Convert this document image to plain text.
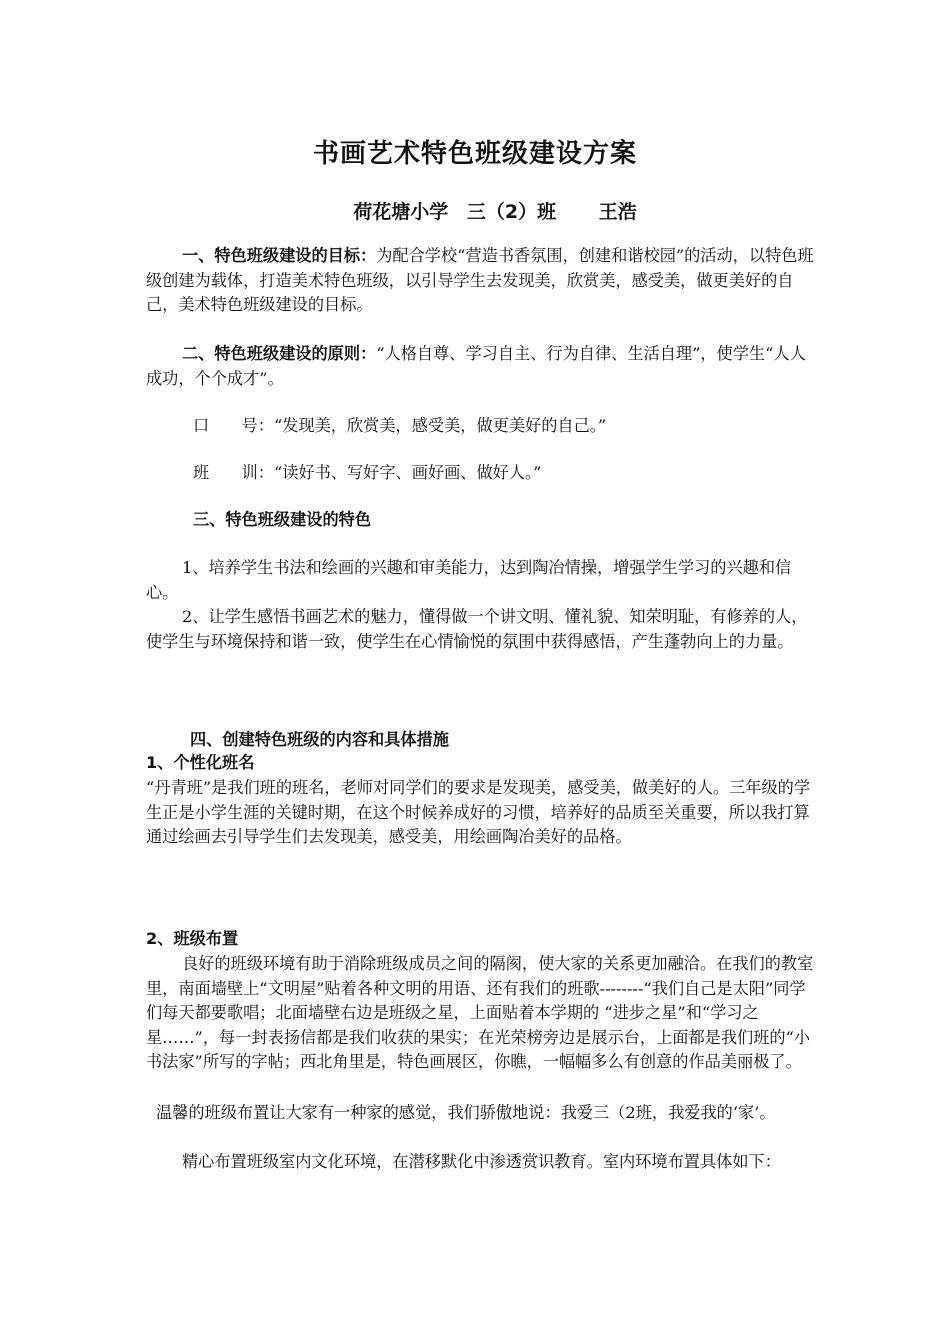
书画艺术特色班级建设方案
荷花塘小学 三（2）班 王浩
一、特色班级建设的目标：为配合学校“营造书香氛围，创建和谐校园”的活动，以特色班级创建为载体，打造美术特色班级，以引导学生去发现美，欣赏美，感受美，做更美好的自己，美术特色班级建设的目标。
二、特色班级建设的原则：“人格自尊、学习自主、行为自律、生活自理”，使学生“人人成功，个个成才”。
口　　号：“发现美，欣赏美，感受美，做更美好的自己。”
班　　训：“读好书、写好字、画好画、做好人。”
三、特色班级建设的特色
1、培养学生书法和绘画的兴趣和审美能力，达到陶冶情操，增强学生学习的兴趣和信心。
2、让学生感悟书画艺术的魅力，懂得做一个讲文明、懂礼貌、知荣明耻，有修养的人，使学生与环境保持和谐一致，使学生在心情愉悦的氛围中获得感悟，产生蓬勃向上的力量。
四、创建特色班级的内容和具体措施
1、个性化班名
“丹青班”是我们班的班名，老师对同学们的要求是发现美，感受美，做美好的人。三年级的学生正是小学生涯的关键时期，在这个时候养成好的习惯，培养好的品质至关重要，所以我打算通过绘画去引导学生们去发现美，感受美，用绘画陶冶美好的品格。
2、班级布置
良好的班级环境有助于消除班级成员之间的隔阂，使大家的关系更加融洽。在我们的教室里，南面墙壁上“文明屋”贴着各种文明的用语、还有我们的班歌--------“我们自己是太阳”同学们每天都要歌唱；北面墙壁右边是班级之星，上面贴着本学期的 “进步之星”和“学习之星……”，每一封表扬信都是我们收获的果实；在光荣榜旁边是展示台，上面都是我们班的“小书法家”所写的字帖；西北角里是，特色画展区，你瞧，一幅幅多么有创意的作品美丽极了。
温馨的班级布置让大家有一种家的感觉，我们骄傲地说：我爱三（2班，我爱我的‘家’。
精心布置班级室内文化环境，在潜移默化中渗透赏识教育。室内环境布置具体如下：
